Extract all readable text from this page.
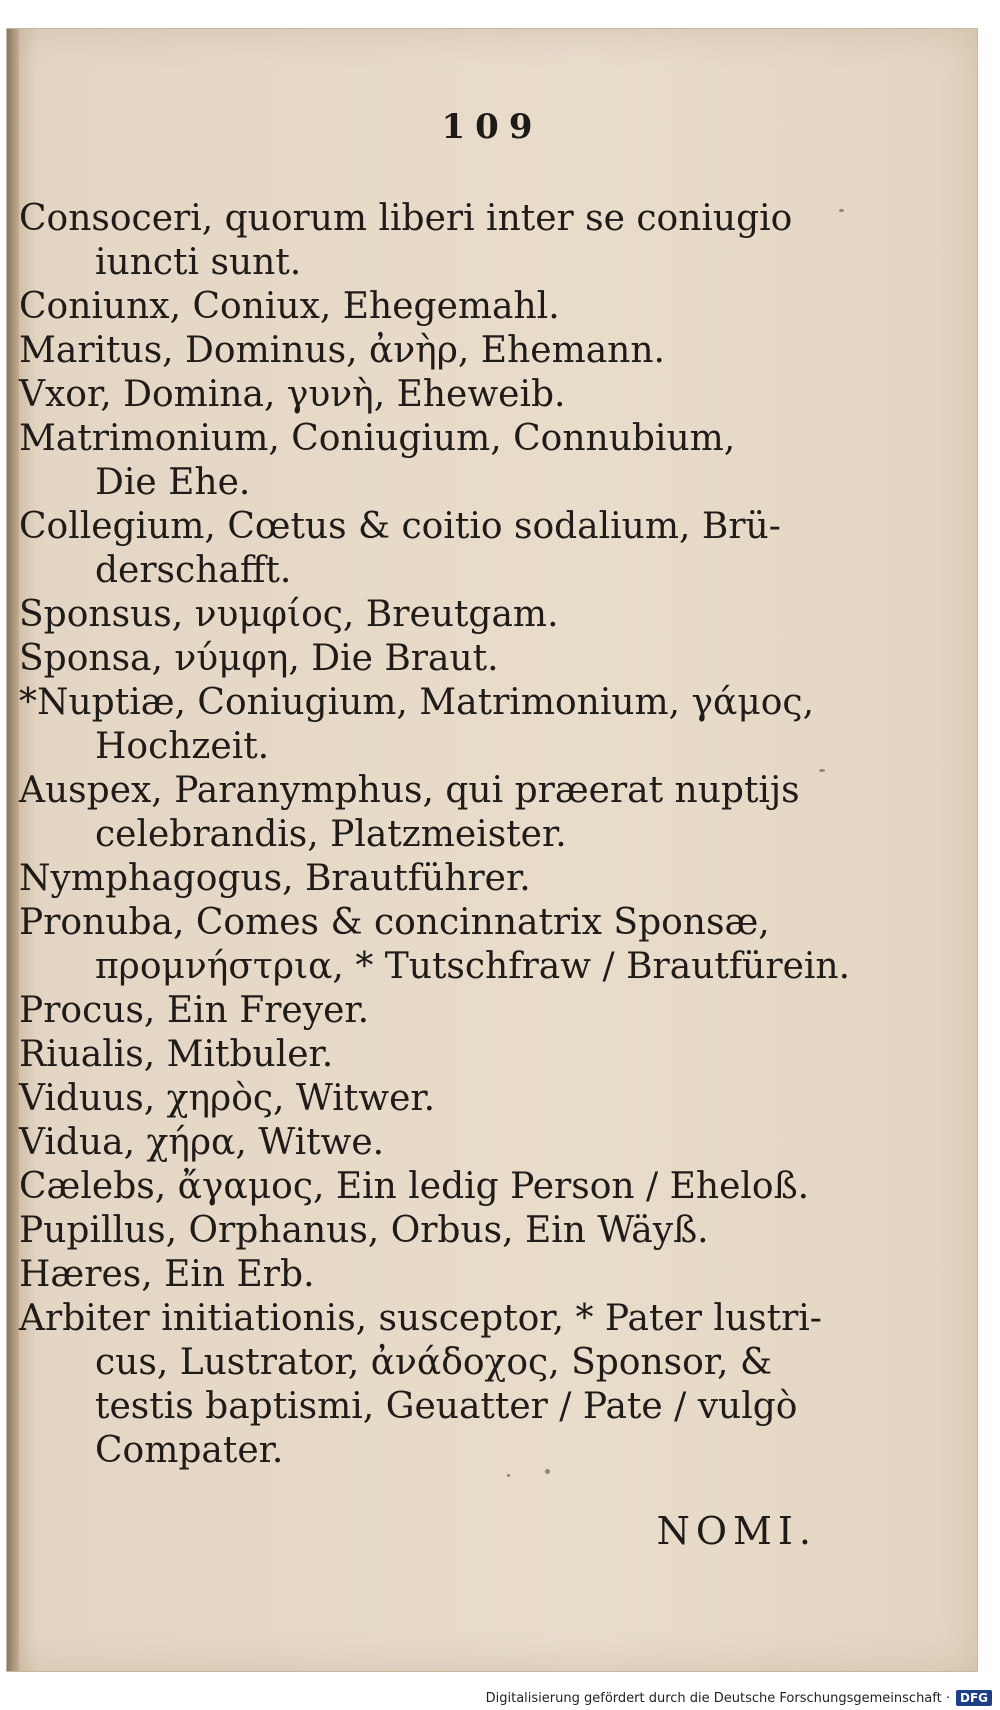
109
Consoceri, quorum liberi inter se coniugio
iuncti sunt.
Coniunx, Coniux, Ehegemahl.
Maritus, Dominus, ἀνὴρ, Ehemann.
Vxor, Domina, γυνὴ, Eheweib.
Matrimonium, Coniugium, Connubium,
Die Ehe.
Collegium, Cœtus & coitio sodalium, Brü-
derschafft.
Sponsus, νυμφίος, Breutgam.
Sponsa, νύμφη, Die Braut.
*Nuptiæ, Coniugium, Matrimonium, γάμος,
Hochzeit.
Auspex, Paranymphus, qui præerat nuptijs
celebrandis, Platzmeister.
Nymphagogus, Brautführer.
Pronuba, Comes & concinnatrix Sponsæ,
προμνήστρια, * Tutschfraw / Brautfürein.
Procus, Ein Freyer.
Riualis, Mitbuler.
Viduus, χηρὸς, Witwer.
Vidua, χήρα, Witwe.
Cælebs, ἄγαμος, Ein ledig Person / Eheloß.
Pupillus, Orphanus, Orbus, Ein Wäyß.
Hæres, Ein Erb.
Arbiter initiationis, susceptor, * Pater lustri-
cus, Lustrator, ἀνάδοχος, Sponsor, &
testis baptismi, Geuatter / Pate / vulgò
Compater.
NOMI.
Digitalisierung gefördert durch die Deutsche Forschungsgemeinschaft · DFG
